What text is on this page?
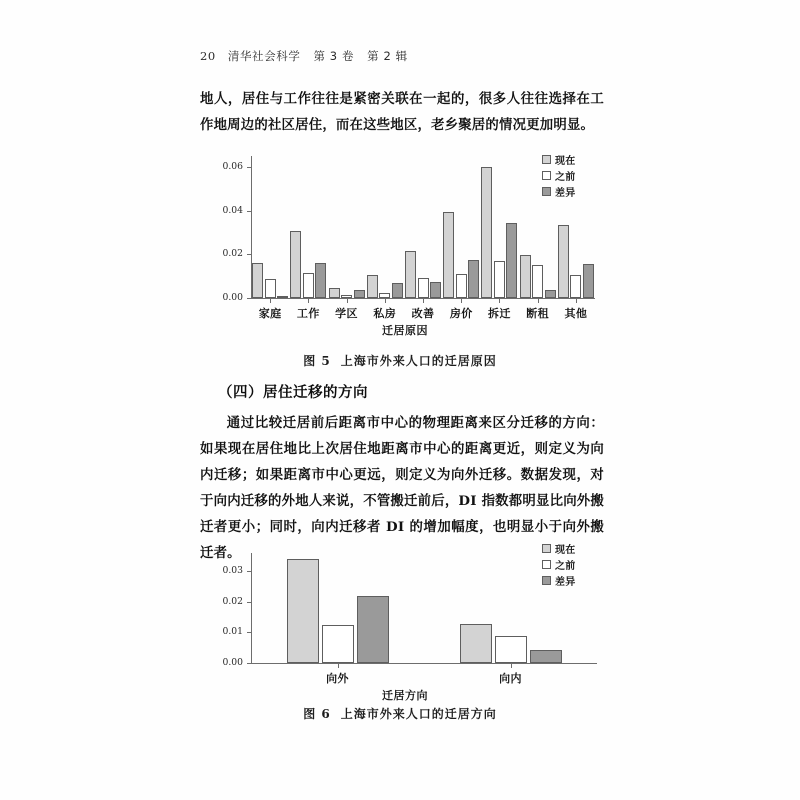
20 清华社会科学 第 3 卷 第 2 辑
地人，居住与工作往往是紧密关联在一起的，很多人往往选择在工作地周边的社区居住，而在这些地区，老乡聚居的情况更加明显。
0.00
0.02
0.04
0.06
家庭	工作	学区	私房	改善	房价	拆迁	断租	其他
迁居原因
现在
之前
差异
图 5 上海市外来人口的迁居原因
（四）居住迁移的方向
通过比较迁居前后距离市中心的物理距离来区分迁移的方向：如果现在居住地比上次居住地距离市中心的距离更近，则定义为向内迁移；如果距离市中心更远，则定义为向外迁移。数据发现，对于向内迁移的外地人来说，不管搬迁前后，DI 指数都明显比向外搬迁者更小；同时，向内迁移者 DI 的增加幅度，也明显小于向外搬迁者。
0.00
0.01
0.02
0.03
向外	向内
迁居方向
现在
之前
差异
图 6 上海市外来人口的迁居方向
